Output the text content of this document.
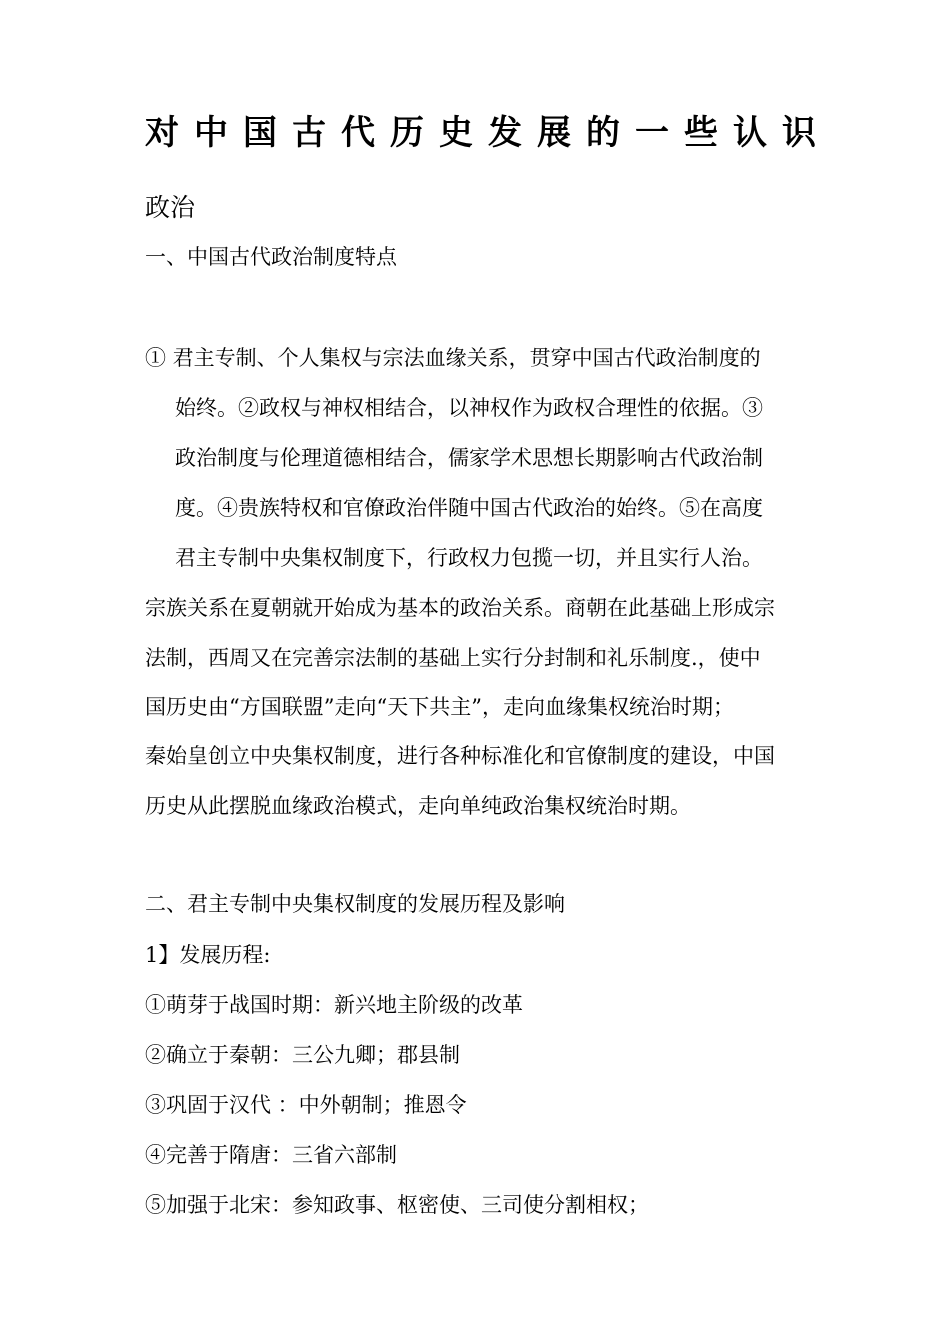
对中国古代历史发展的一些认识
政治
一、中国古代政治制度特点
① 君主专制、个人集权与宗法血缘关系，贯穿中国古代政治制度的
始终。②政权与神权相结合，以神权作为政权合理性的依据。③
政治制度与伦理道德相结合，儒家学术思想长期影响古代政治制
度。④贵族特权和官僚政治伴随中国古代政治的始终。⑤在高度
君主专制中央集权制度下，行政权力包揽一切，并且实行人治。
宗族关系在夏朝就开始成为基本的政治关系。商朝在此基础上形成宗
法制，西周又在完善宗法制的基础上实行分封制和礼乐制度.，使中
国历史由“方国联盟”走向“天下共主”，走向血缘集权统治时期；
秦始皇创立中央集权制度，进行各种标准化和官僚制度的建设，中国
历史从此摆脱血缘政治模式，走向单纯政治集权统治时期。
二、君主专制中央集权制度的发展历程及影响
1】发展历程:
①萌芽于战国时期：新兴地主阶级的改革
②确立于秦朝：三公九卿；郡县制
③巩固于汉代 ：中外朝制；推恩令
④完善于隋唐：三省六部制
⑤加强于北宋：参知政事、枢密使、三司使分割相权；
